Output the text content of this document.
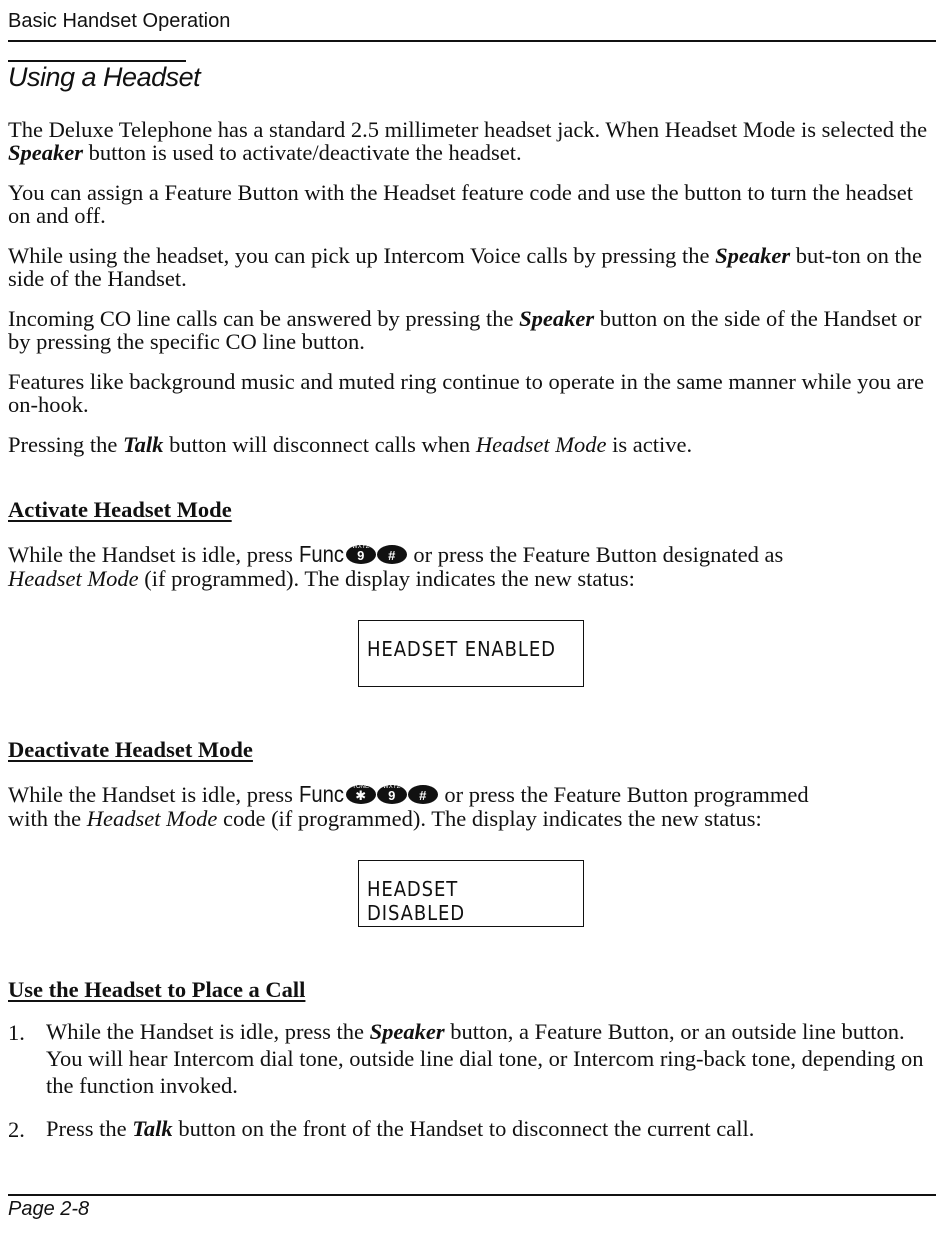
Basic Handset Operation
Using a Headset
The Deluxe Telephone has a standard 2.5 millimeter headset jack. When Headset Mode is selected the Speaker button is used to activate/deactivate the headset.
You can assign a Feature Button with the Headset feature code and use the button to turn the headset on and off.
While using the headset, you can pick up Intercom Voice calls by pressing the Speaker but-ton on the side of the Handset.
Incoming CO line calls can be answered by pressing the Speaker button on the side of the Handset or by pressing the specific CO line button.
Features like background music and muted ring continue to operate in the same manner while you are on-hook.
Pressing the Talk button will disconnect calls when Headset Mode is active.
Activate Headset Mode
While the Handset is idle, press Func	WXYZ
9	# or press the Feature Button designated as
Headset Mode (if programmed). The display indicates the new status:
HEADSET ENABLED
Deactivate Headset Mode
While the Handset is idle, press Func	TONE
✱
WXYZ
9	# or press the Feature Button programmed
with the Headset Mode code (if programmed). The display indicates the new status:
HEADSET DISABLED
Use the Headset to Place a Call
1. While the Handset is idle, press the Speaker button, a Feature Button, or an outside line button. You will hear Intercom dial tone, outside line dial tone, or Intercom ring-back tone, depending on the function invoked.
2. Press the Talk button on the front of the Handset to disconnect the current call.
Page 2-8
